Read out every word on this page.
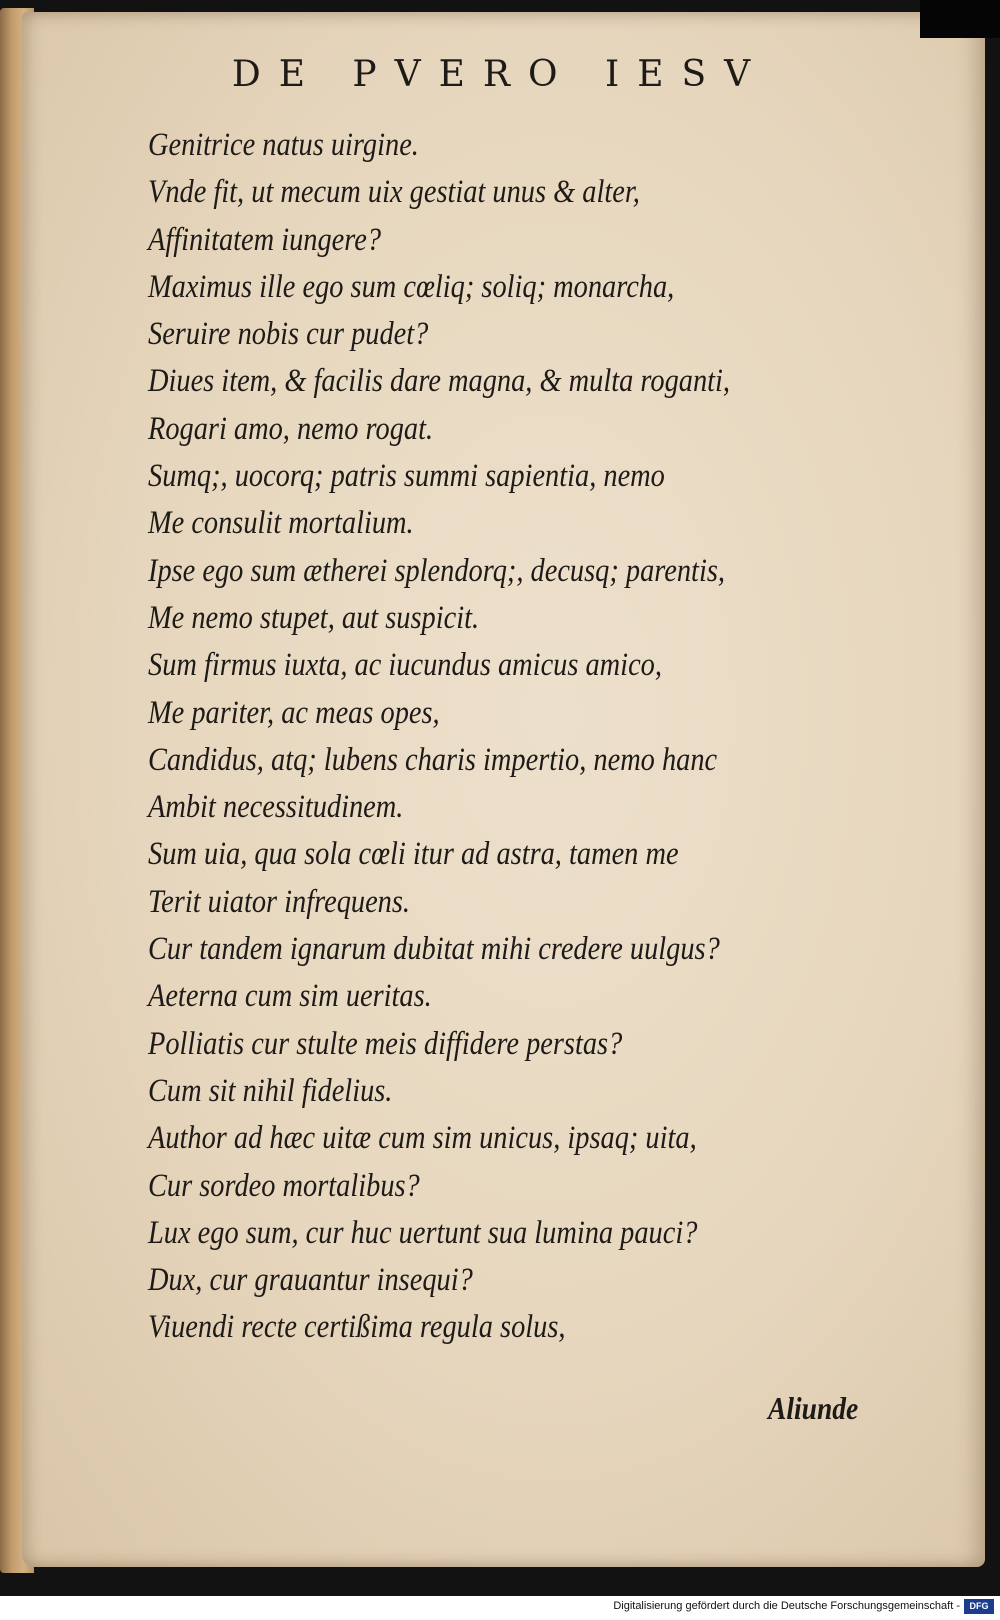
DE PVERO IESV
Genitrice natus uirgine.
Vnde fit, ut mecum uix gestiat unus & alter,
Affinitatem iungere?
Maximus ille ego sum cœliq; soliq; monarcha,
Seruire nobis cur pudet?
Diues item, & facilis dare magna, & multa roganti,
Rogari amo, nemo rogat.
Sumq;, uocorq; patris summi sapientia, nemo
Me consulit mortalium.
Ipse ego sum ætherei splendorq;, decusq; parentis,
Me nemo stupet, aut suspicit.
Sum firmus iuxta, ac iucundus amicus amico,
Me pariter, ac meas opes,
Candidus, atq; lubens charis impertio, nemo hanc
Ambit necessitudinem.
Sum uia, qua sola cœli itur ad astra, tamen me
Terit uiator infrequens.
Cur tandem ignarum dubitat mihi credere uulgus?
Aeterna cum sim ueritas.
Polliatis cur stulte meis diffidere perstas?
Cum sit nihil fidelius.
Author ad hæc uitæ cum sim unicus, ipsaq; uita,
Cur sordeo mortalibus?
Lux ego sum, cur huc uertunt sua lumina pauci?
Dux, cur grauantur insequi?
Viuendi recte certißima regula solus,
Aliunde
Digitalisierung gefördert durch die Deutsche Forschungsgemeinschaft -	DFG
